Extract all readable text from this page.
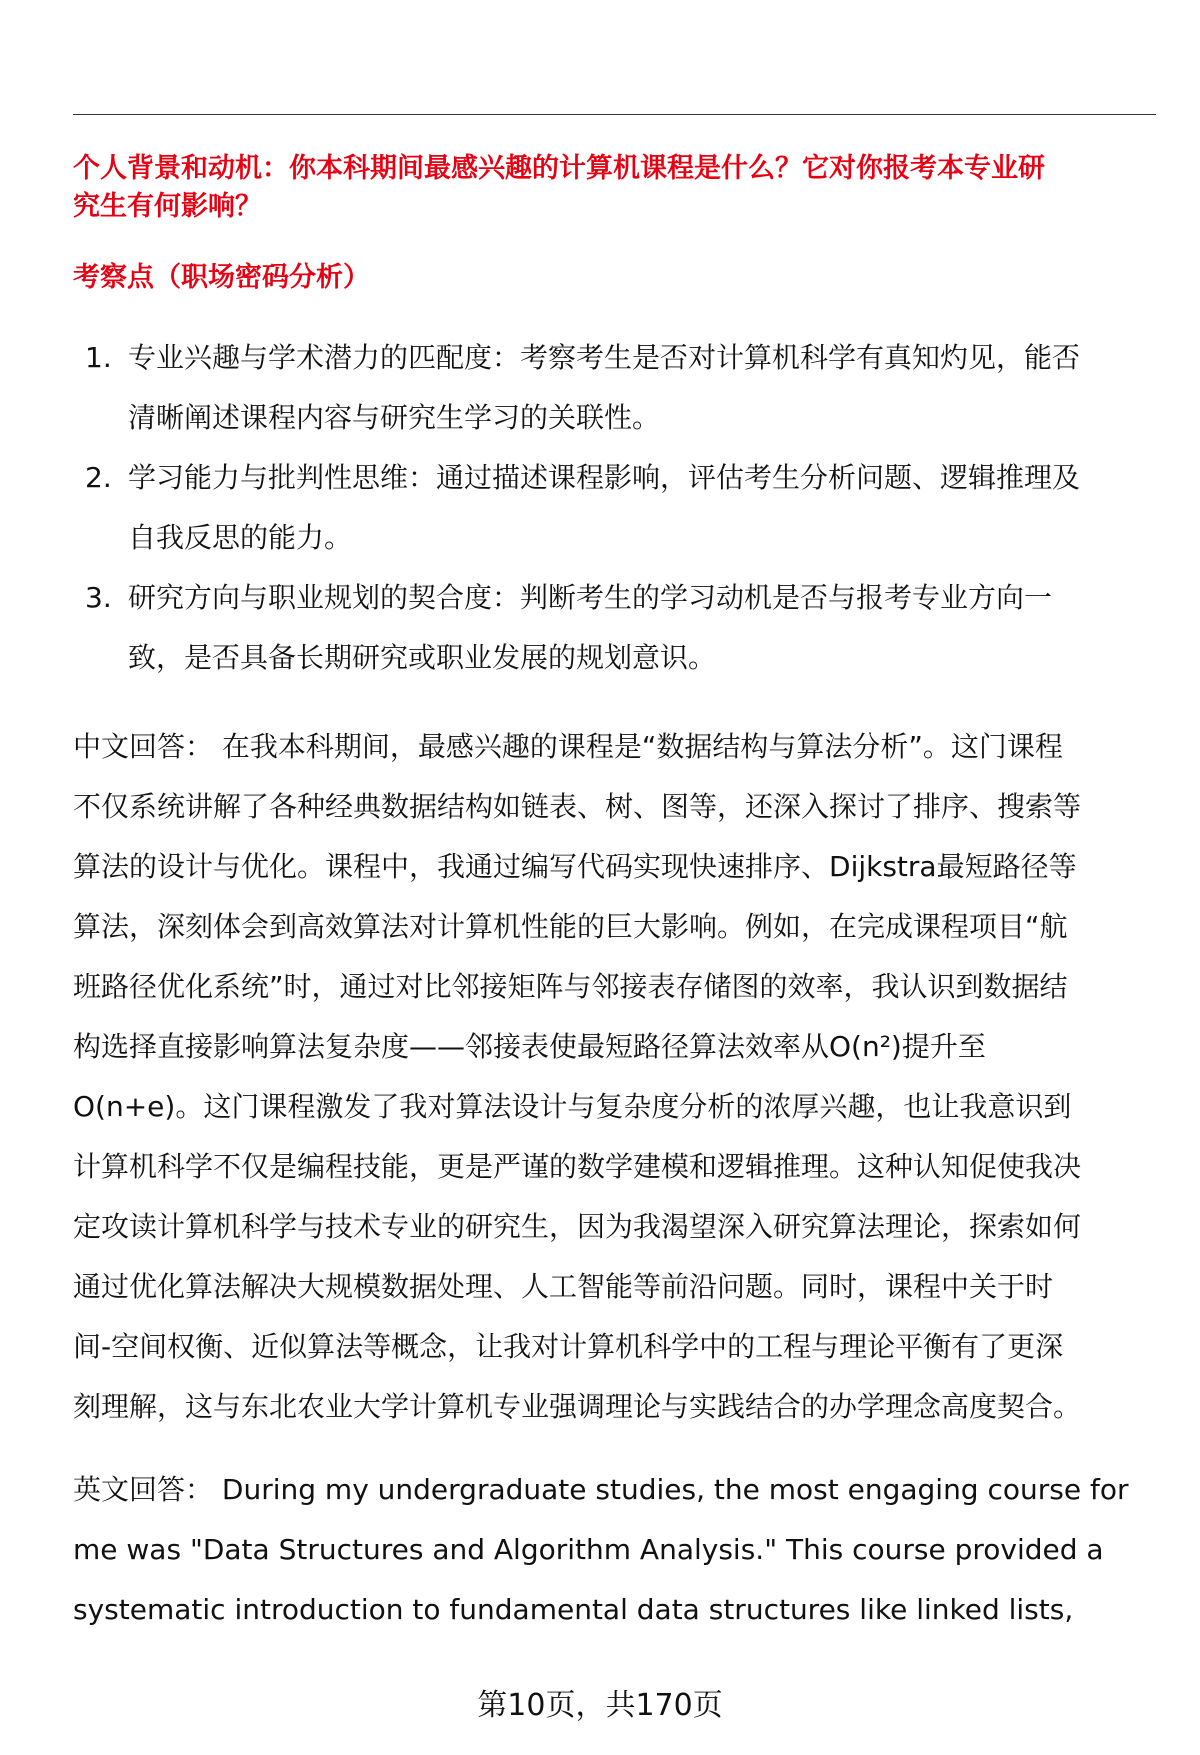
个人背景和动机：你本科期间最感兴趣的计算机课程是什么？它对你报考本专业研
究生有何影响？
考察点（职场密码分析）
1. 专业兴趣与学术潜力的匹配度：考察考生是否对计算机科学有真知灼见，能否
清晰阐述课程内容与研究生学习的关联性。
2. 学习能力与批判性思维：通过描述课程影响，评估考生分析问题、逻辑推理及
自我反思的能力。
3. 研究方向与职业规划的契合度：判断考生的学习动机是否与报考专业方向一
致，是否具备长期研究或职业发展的规划意识。
中文回答： 在我本科期间，最感兴趣的课程是“数据结构与算法分析”。这门课程
不仅系统讲解了各种经典数据结构如链表、树、图等，还深入探讨了排序、搜索等
算法的设计与优化。课程中，我通过编写代码实现快速排序、Dijkstra最短路径等
算法，深刻体会到高效算法对计算机性能的巨大影响。例如，在完成课程项目“航
班路径优化系统”时，通过对比邻接矩阵与邻接表存储图的效率，我认识到数据结
构选择直接影响算法复杂度——邻接表使最短路径算法效率从O(n²)提升至
O(n+e)。这门课程激发了我对算法设计与复杂度分析的浓厚兴趣，也让我意识到
计算机科学不仅是编程技能，更是严谨的数学建模和逻辑推理。这种认知促使我决
定攻读计算机科学与技术专业的研究生，因为我渴望深入研究算法理论，探索如何
通过优化算法解决大规模数据处理、人工智能等前沿问题。同时，课程中关于时
间-空间权衡、近似算法等概念，让我对计算机科学中的工程与理论平衡有了更深
刻理解，这与东北农业大学计算机专业强调理论与实践结合的办学理念高度契合。
英文回答： During my undergraduate studies, the most engaging course for
me was "Data Structures and Algorithm Analysis." This course provided a
systematic introduction to fundamental data structures like linked lists,
第10页，共170页
